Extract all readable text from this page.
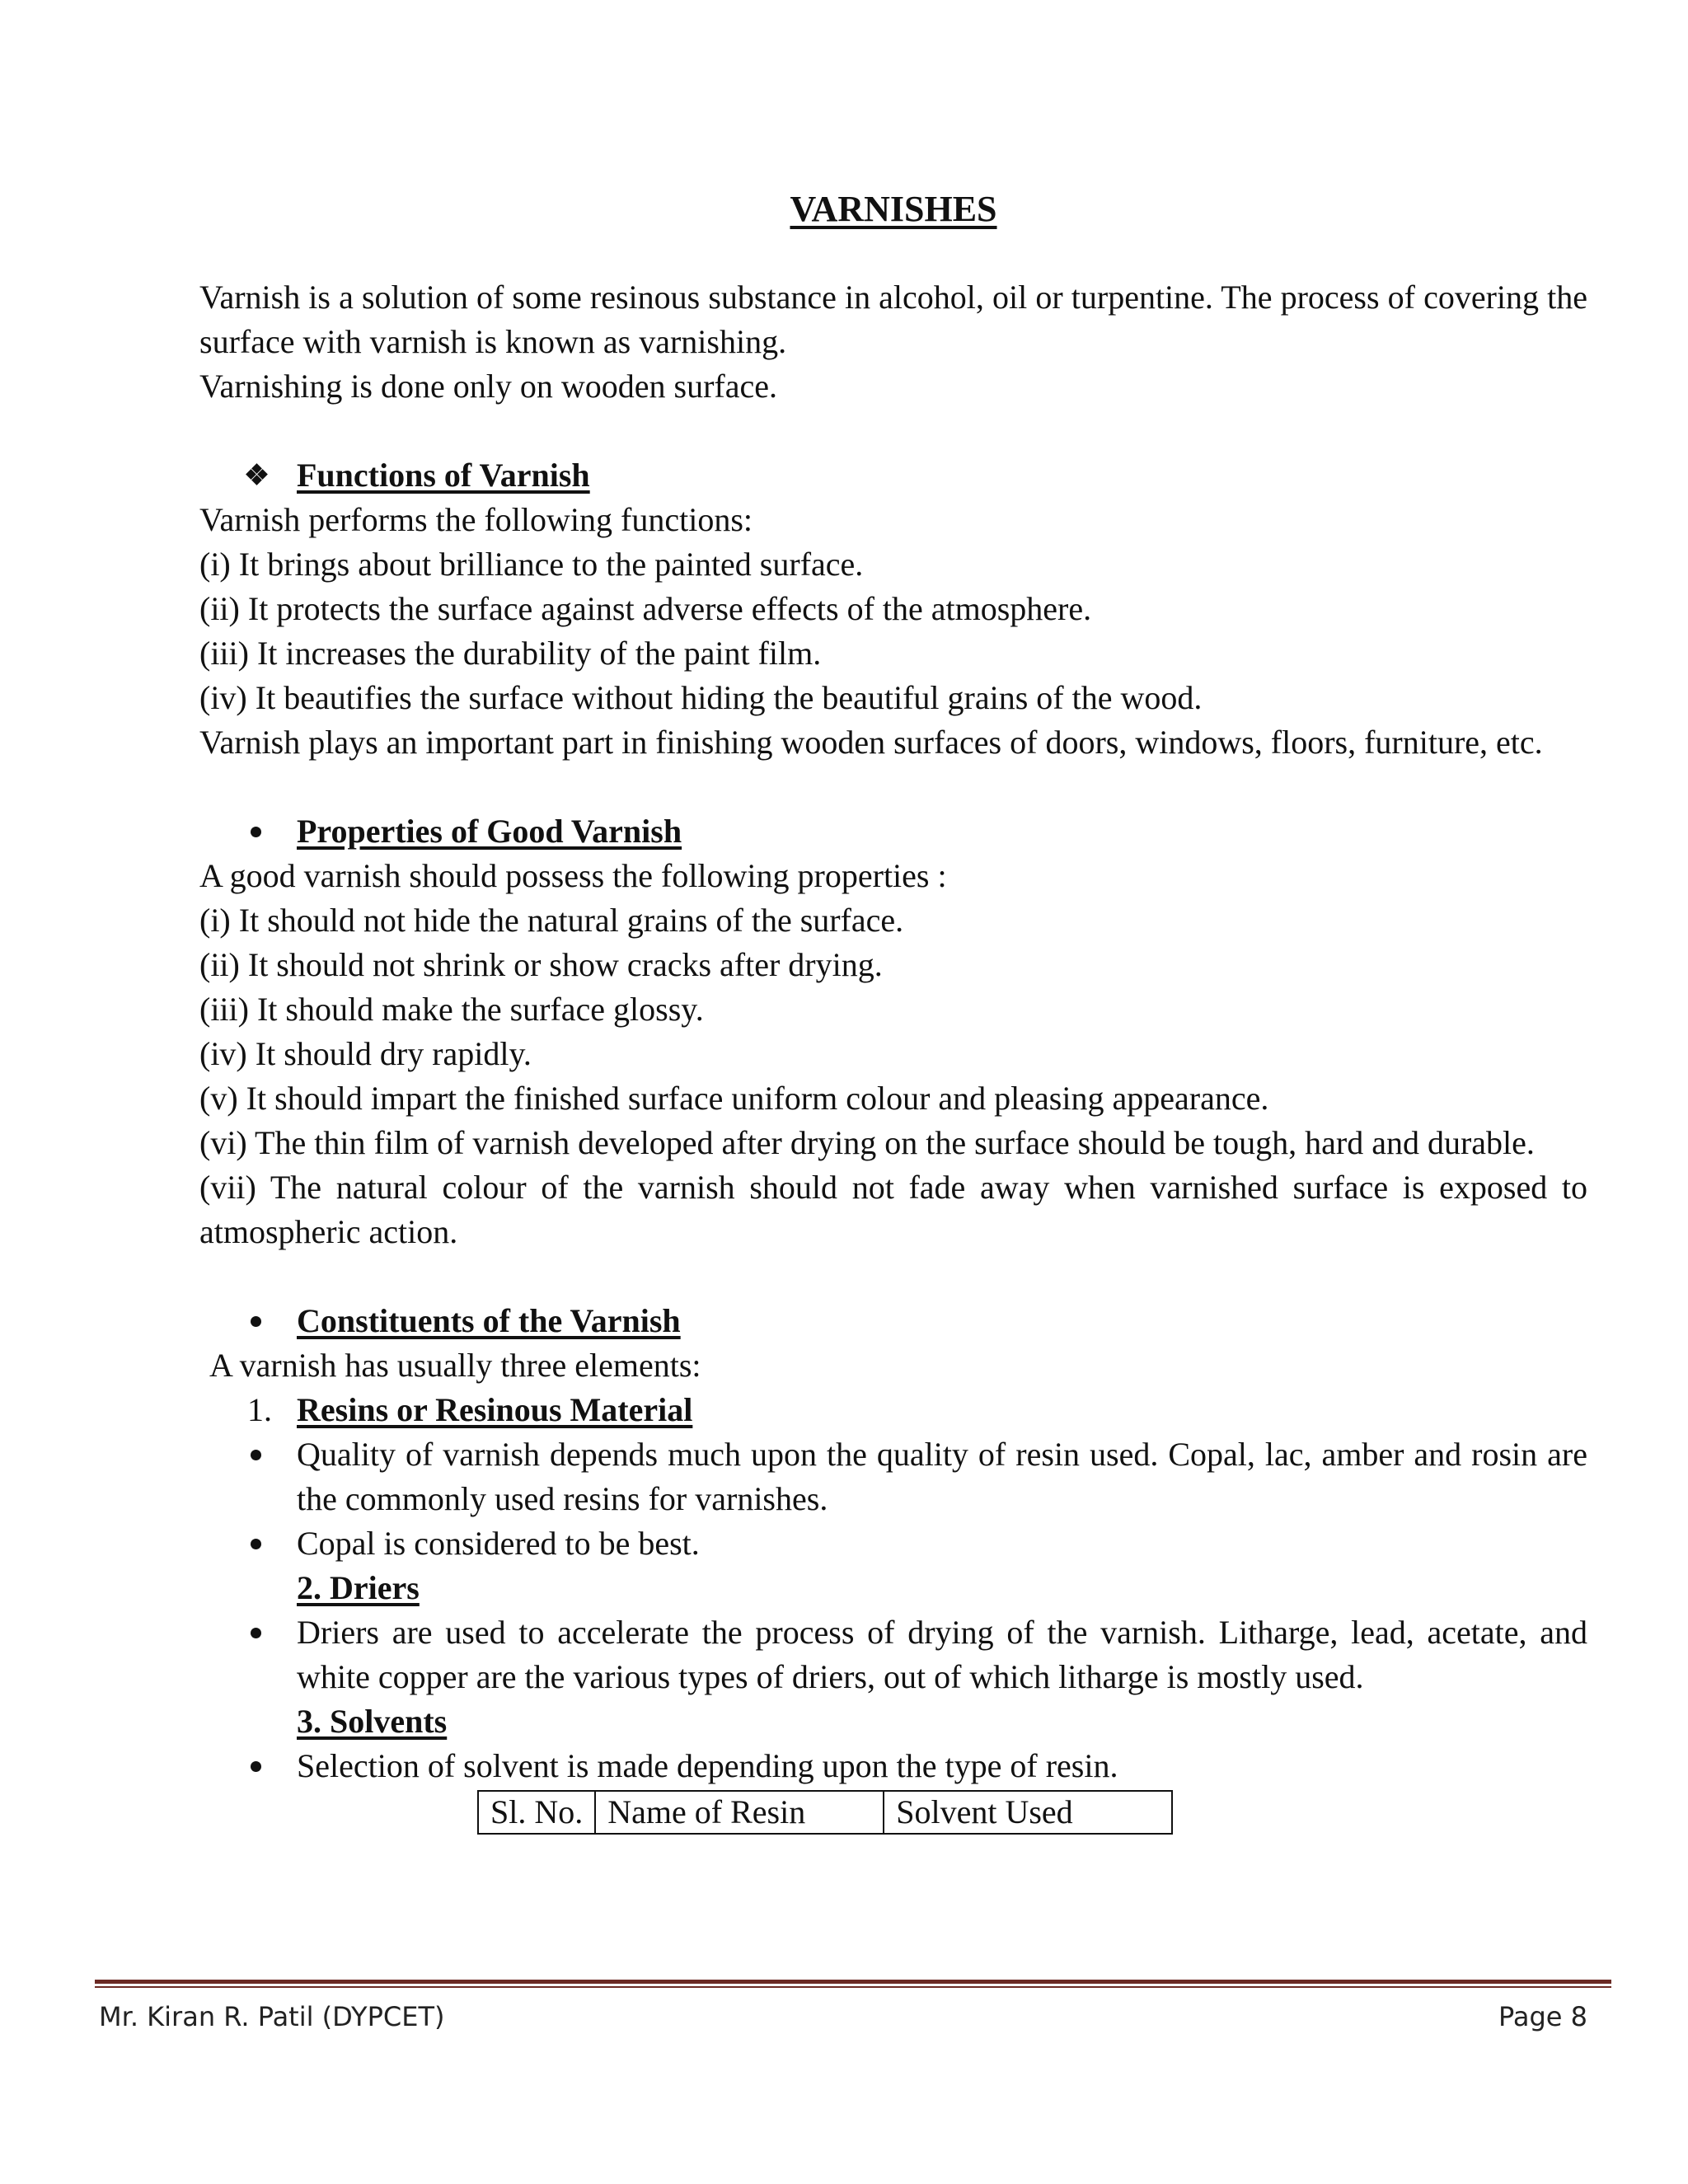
VARNISHES

Varnish is a solution of some resinous substance in alcohol, oil or turpentine. The process of covering the surface with varnish is known as varnishing.

Varnishing is done only on wooden surface.

Functions of Varnish

Varnish performs the following functions:

(i) It brings about brilliance to the painted surface.

(ii) It protects the surface against adverse effects of the atmosphere.

(iii) It increases the durability of the paint film.

(iv) It beautifies the surface without hiding the beautiful grains of the wood.

Varnish plays an important part in finishing wooden surfaces of doors, windows, floors, furniture, etc.

Properties of Good Varnish

A good varnish should possess the following properties :

(i) It should not hide the natural grains of the surface.

(ii) It should not shrink or show cracks after drying.

(iii) It should make the surface glossy.

(iv) It should dry rapidly.

(v) It should impart the finished surface uniform colour and pleasing appearance.

(vi) The thin film of varnish developed after drying on the surface should be tough, hard and durable.

(vii) The natural colour of the varnish should not fade away when varnished surface is exposed to atmospheric action.

Constituents of the Varnish

A varnish has usually three elements:

1. Resins or Resinous Material
Quality of varnish depends much upon the quality of resin used. Copal, lac, amber and rosin are the commonly used resins for varnishes.
Copal is considered to be best.
2. Driers
Driers are used to accelerate the process of drying of the varnish. Litharge, lead, acetate, and white copper are the various types of driers, out of which litharge is mostly used.
3. Solvents
Selection of solvent is made depending upon the type of resin.
Sl. No.	Name of Resin	Solvent Used
Mr. Kiran R. Patil (DYPCET)	Page 8
